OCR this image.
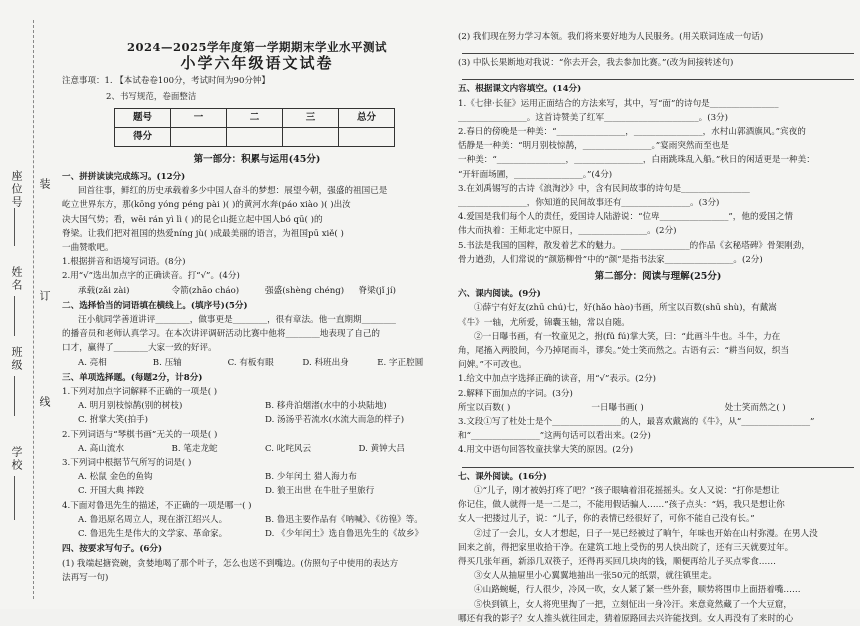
座位号 装
姓名
订
班级
线
学校
2024—2025学年度第一学期期末学业水平测试
小学六年级语文试卷
注意事项：1. 【本试卷卷100分，考试时间为90分钟】
2、书写规范，卷面整洁
题号	一	二	三	总分
得分				
第一部分：积累与运用(45分)
一、拼拼读读完成练习。(12分)
回首往事，鲜红的历史承载着多少中国人奋斗的梦想：展望今朝，强盛的祖国已是
屹立世界东方，那(kōng yóng péng pài )( )的黄河水奔(páo xiào )( )出汝
决大国气势；看，wēi rán yì lì ( )的昆仑山挺立起中国人bó qū( )的
脊梁。让我们把对祖国的热爱níng jù( )成最美丽的语言，为祖国pū xiě( )
一曲赞歌吧。
1.根据拼音和语境写词语。(8分)
2.用“√”选出加点字的正确读音。打“√”。(4分)
承载(zǎi zài)	令箭(zhāo cháo)	强盛(shèng chéng)	脊梁(jǐ jí)
二、选择恰当的词语填在横线上。(填序号)(5分)
汪小航同学善道讲评________，做事更是________，很有章法。他一直期期________
的播音员和老师认真学习。在本次讲评调研活动比赛中他将________地表现了自己的
口才，赢得了________大家一致的好评。
A. 亮相	B. 压轴	C. 有板有眼	D. 科班出身	E. 字正腔圆
三、单项选择题。(每题2分，计8分)
1.下列对加点字词解释不正确的一项是( )
A. 明月别枝惊鹊(别的树枝)	B. 移舟泊烟渚(水中的小块陆地)
C. 拊掌大笑(拍手)	D. 汤汤乎若流水(水流大而急的样子)
2.下列词语与“琴棋书画”无关的一项是( )
A. 高山流水	B. 笔走龙蛇	C. 叱咤风云	D. 黄钟大吕
3.下列词中根据节气所写的词是( )
A. 松鼠 金色的鱼钩	B. 少年闰土 猎人海力布
C. 开国大典 摔跤	D. 狼王出世 在牛肚子里旅行
4.下面对鲁迅先生的描述，不正确的一项是哪一( )
A. 鲁迅原名周立人，现在浙江绍兴人。	B. 鲁迅主要作品有《呐喊》、《彷徨》等。
C. 鲁迅先生是伟大的文学家、革命家。	D. 《少年闰土》选自鲁迅先生的《故乡》
四、按要求写句子。(6分)
(1) 我端起搪瓷碗，贪婪地喝了那个叶子，怎么也送不到嘴边。(仿照句子中使用的表达方
法再写一句)
(2) 我们现在努力学习本领。我们将来要好地为人民服务。(用关联词连成一句话)
(3) 中队长果断地对我说：“你去开会，我去参加比赛。”(改为间接转述句)
五、根据课文内容填空。(14分)
1.《七律·长征》运用正面结合的方法来写，其中，写“面”的诗句是________________
________________。这首诗赞美了红军______________________。(3分)
2.春日的傍晚是一种美：“________________，________________，水村山郭酒旗风。”宾夜的
恬静是一种美：“明月别枝惊鹊，________________。”宴雨突然而至也是
一种美：“________________，________________，白雨跳珠乱入船。”秋日的闲适更是一种美：
“开轩面场圃，________________。”(4分)
3.在刘禹锡写的古诗《浪淘沙》中，含有民间故事的诗句是________________
________________，你知道的民间故事还有________________。(3分)
4.爱国是我们每个人的责任，爱国诗人陆游说：“位卑________________”，他的爱国之情
伟大而执着：王师北定中原日，________________。(2分)
5.书法是我国的国粹，散发着艺术的魅力。________________的作品《玄秘塔碑》骨架刚劲，
骨力遒劲，人们常说的“颜筋柳骨”中的“颜”是指书法家________________。(2分)
第二部分：阅读与理解(25分)
六、课内阅读。(9分)
①薛宁有好友(zhū chú)七，好(hǎo hào)书画，所宝以百数(shū shù)，有戴嵩
《牛》一轴，尤所爱，锦囊玉轴，常以自随。
②一日曝书画，有一牧童见之，拊(fǔ fú)掌大笑，曰：“此画斗牛也。斗牛，力在
角，尾搐入两股间，今乃掉尾而斗，谬矣。”处士笑而然之。古语有云：“耕当问奴，织当
问婢。”不可改也。
1.给文中加点字选择正确的读音，用“√”表示。(2分)
2.解释下面加点的字词。(3分)
所宝以百数( )	一日曝书画( )	处士笑而然之( )
3.文段①写了杜处士是个________________的人，最喜欢戴嵩的《牛》，从“________________”
和“________________”这两句话可以看出来。(2分)
4.用文中语句回答牧童扶掌大笑的原因。(2分)
七、课外阅读。(16分)
①“儿子，刚才被妈打疼了吧？”孩子眼噙着泪花摇摇头。女人又说：“打你是想让
你记住，做人就得一是一二是二，不能用假话骗人……”孩子点头：“妈，我只是想让你
女人一把搂过儿子，说：“儿子，你的表情已经很好了，可你不能自己没有长。”
②过了一会儿，女人才想起，日子一晃已经被过了晌午，年味也开始在山村弥漫。在男人没
回来之前，得把家里收拾干净。在建筑工地上受伤的男人快出院了，还有三天就要过年。
得买几张年画，新添几双筷子，还得再买回几块肉的钱，顺便再给儿子买点零食……
③女人从抽屉里小心翼翼地抽出一张50元的纸票，就往镇里走。
④山路蜿蜒，行人很少，冷风一吹，女人紧了紧一些外套，顺势将围巾上面捂着嘴……
⑤快到镇上，女人将兜里掏了一把，立刻怔出一身冷汗。来意竟然藏了一个大豆窟，
哪还有我的影子？女人推头就往回走，猜着原路回去兴许能找到。女人再没有了来时的心
